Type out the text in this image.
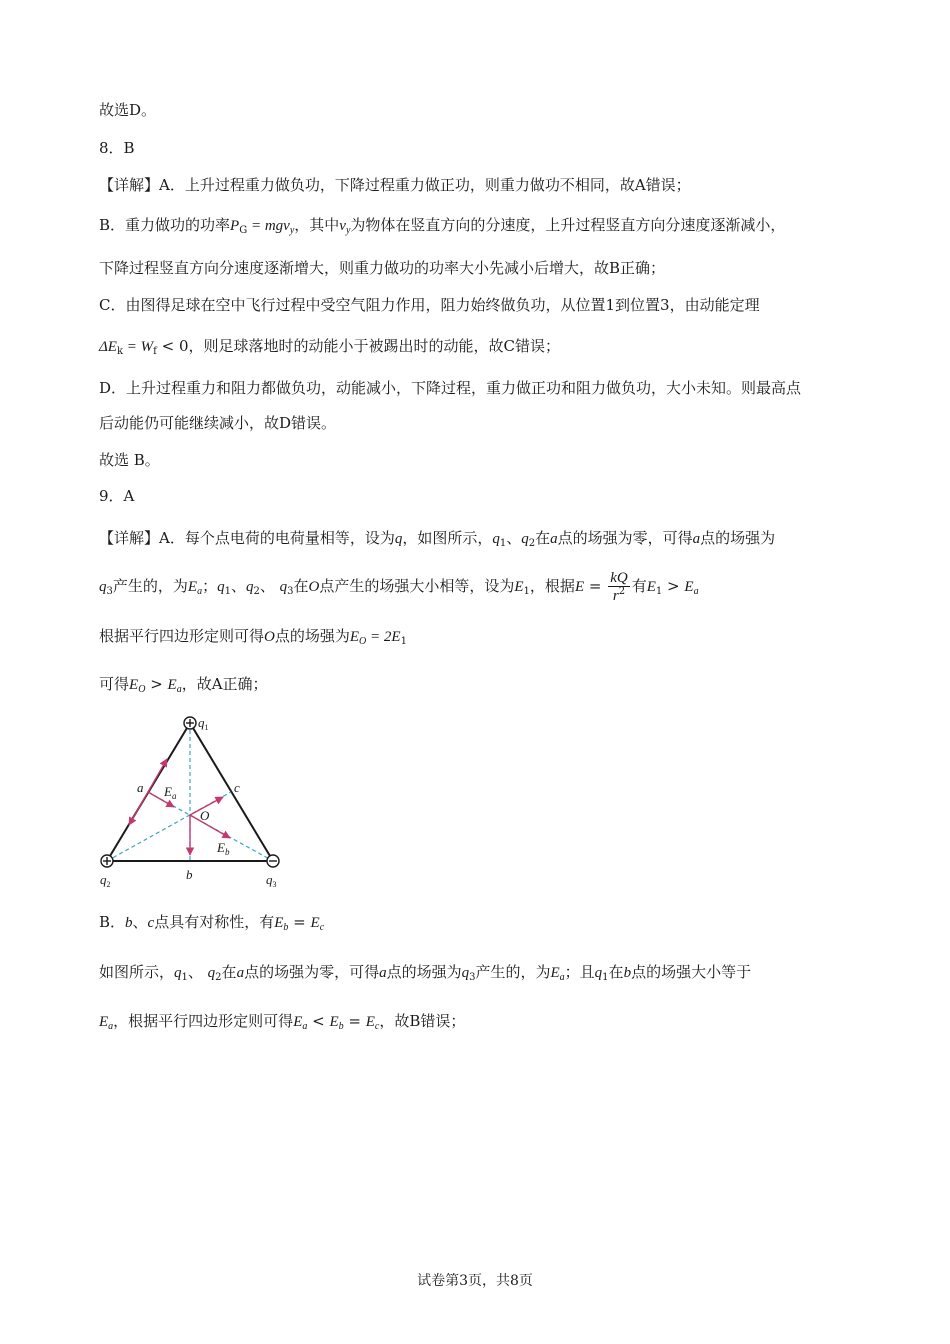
故选D。
8．B
【详解】A．上升过程重力做负功，下降过程重力做正功，则重力做功不相同，故A错误；
B．重力做功的功率$P_G = mgv_y$，其中$v_y$为物体在竖直方向的分速度，上升过程竖直方向分速度逐渐减小，
下降过程竖直方向分速度逐渐增大，则重力做功的功率大小先减小后增大，故B正确；
C．由图得足球在空中飞行过程中受空气阻力作用，阻力始终做负功，从位置1到位置3，由动能定理
$\Delta E_k = W_f < 0$，则足球落地时的动能小于被踢出时的动能，故C错误；
D．上升过程重力和阻力都做负功，动能减小，下降过程，重力做正功和阻力做负功，大小未知。则最高点
后动能仍可能继续减小，故D错误。
故选 B。
9．A
【详解】A．每个点电荷的电荷量相等，设为q，如图所示，$q_1$、$q_2$在a点的场强为零，可得a点的场强为
$q_3$产生的，为$E_a$；$q_1$、$q_2$、 $q_3$在O点产生的场强大小相等，设为$E_1$，根据$E = \frac{kQ}{r^2}$ 有$E_1 > E_a$
根据平行四边形定则可得O点的场强为$E_O = 2E_1$
可得$E_O > E_a$，故A正确；
$q_1$
$q_2$	$q_3$
a
b
c
O
$E_a$
$E_b$
B．b、c点具有对称性，有$E_b = E_c$
如图所示，$q_1$、 $q_2$在a点的场强为零，可得a点的场强为$q_3$产生的，为$E_a$；且$q_1$在b点的场强大小等于
$E_a$，根据平行四边形定则可得$E_a < E_b = E_c$，故B错误；
试卷第3页，共8页
